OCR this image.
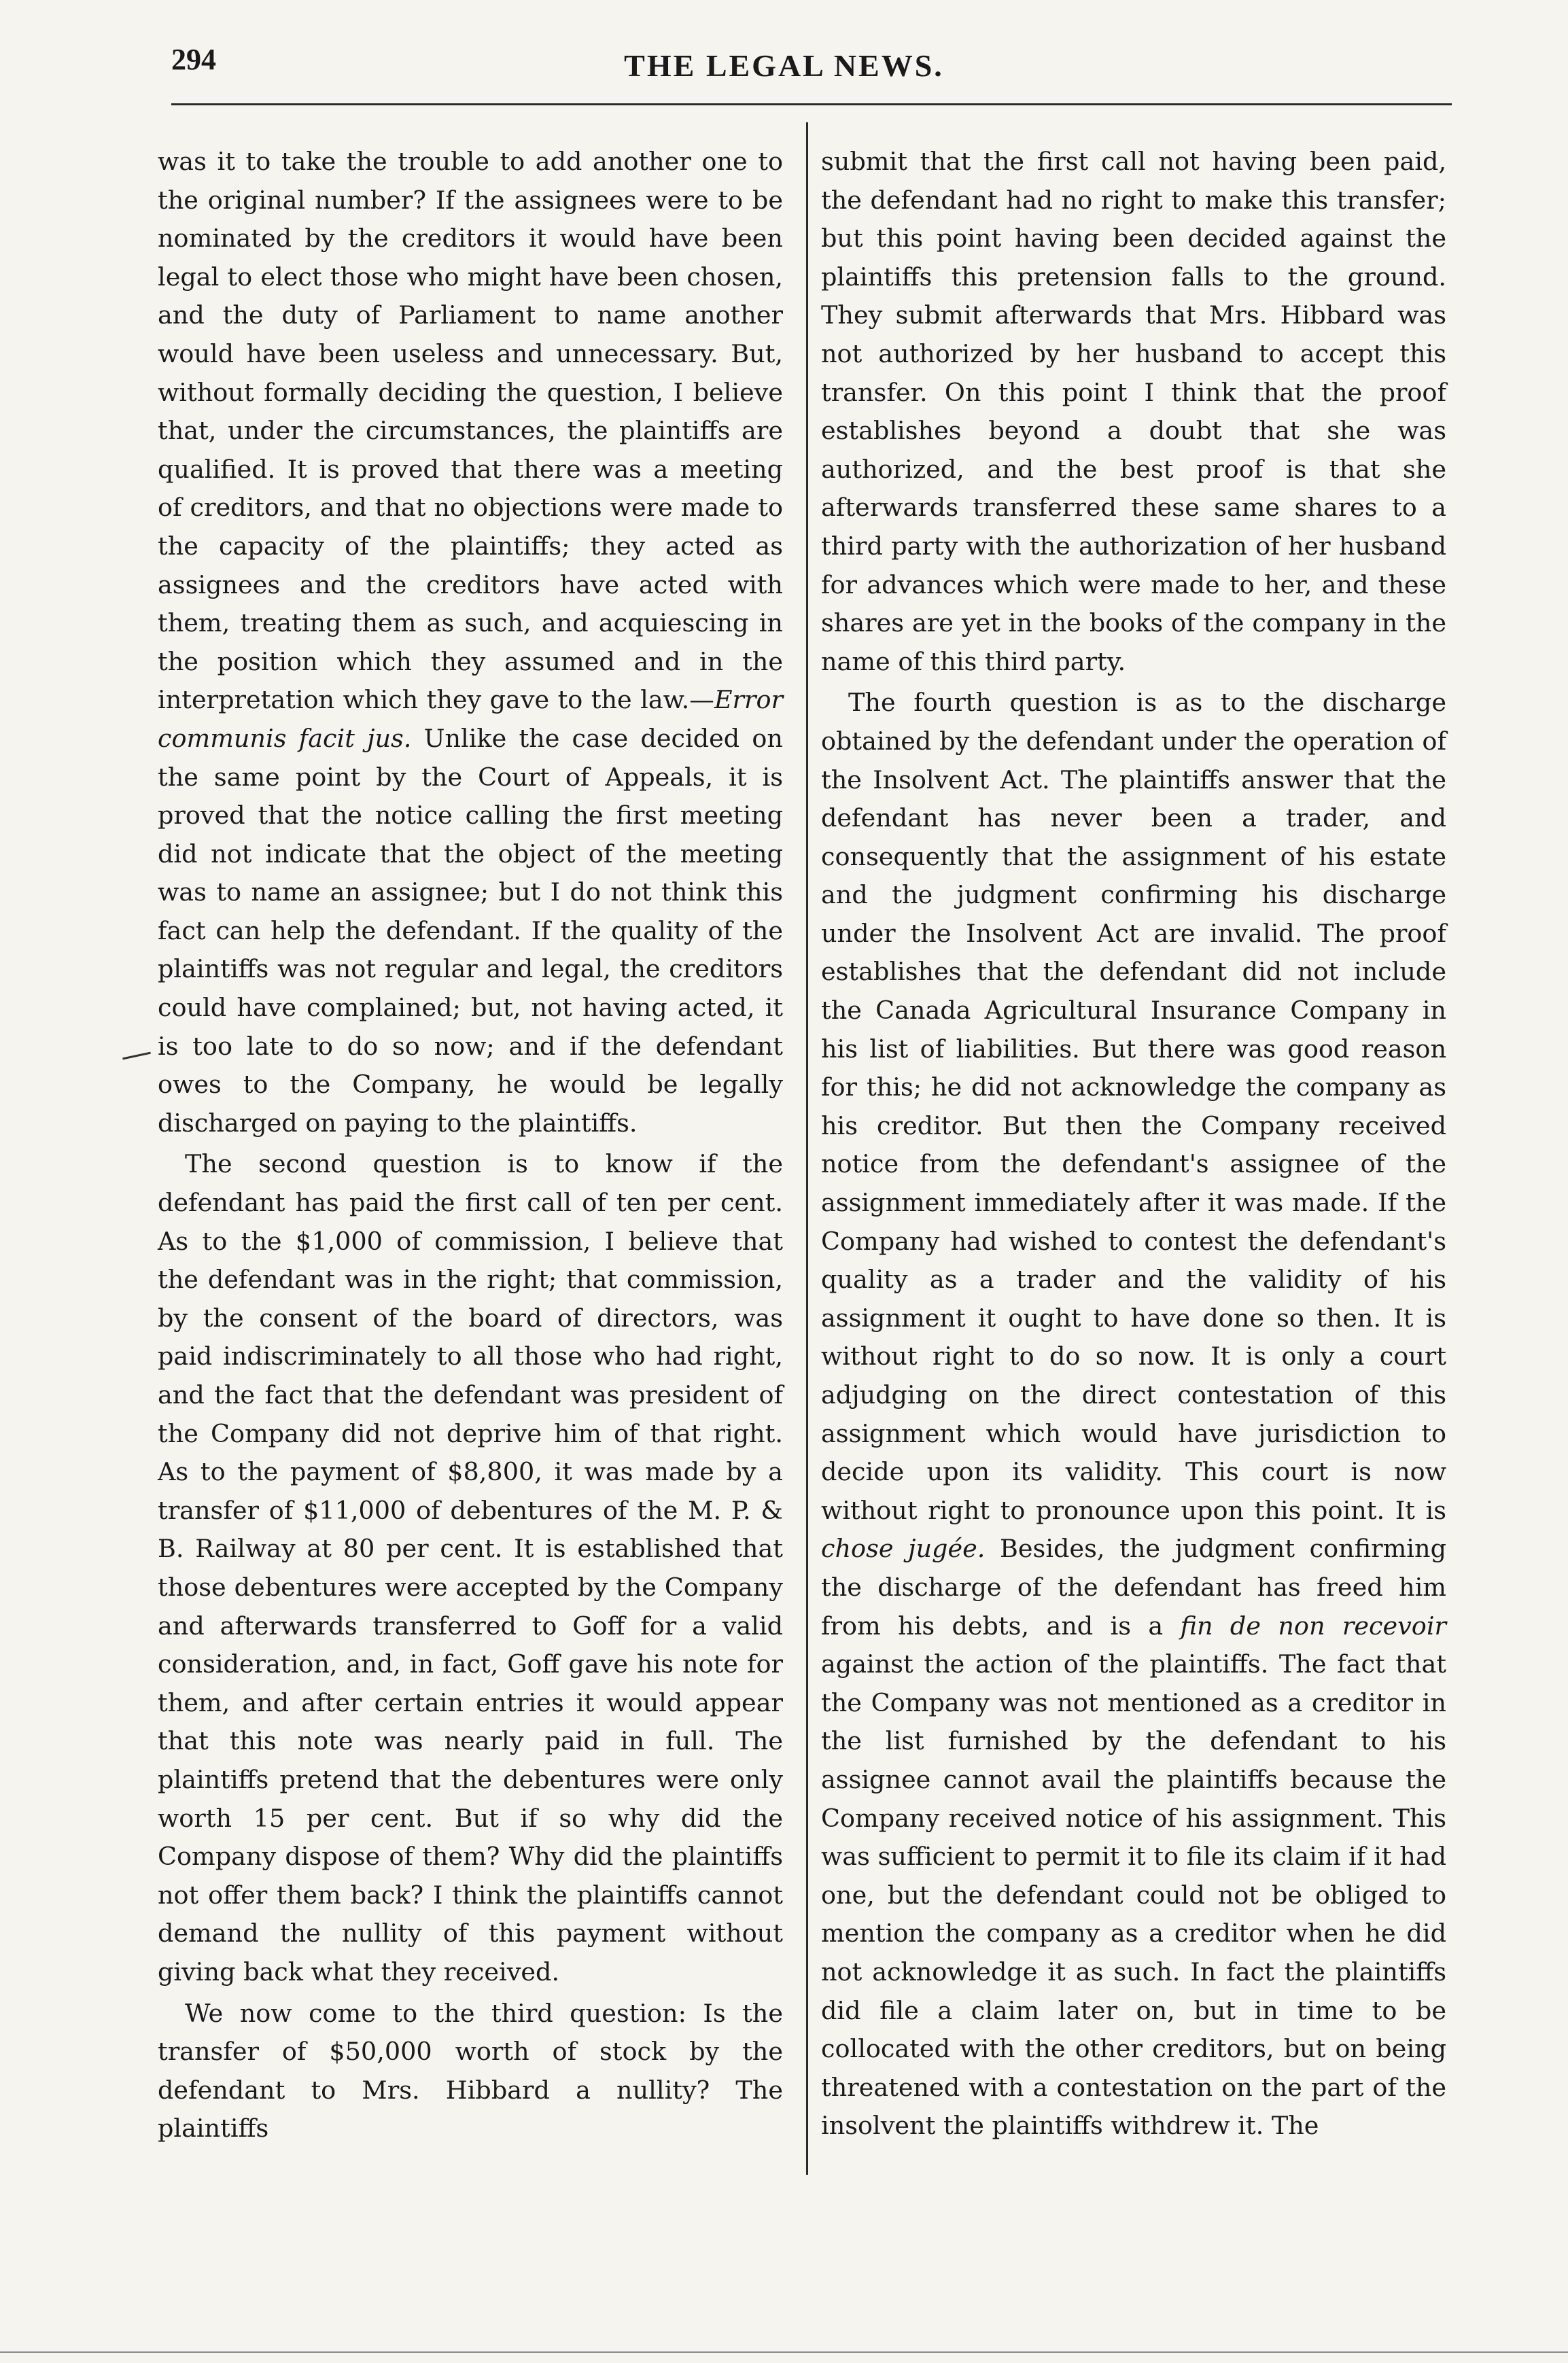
294	THE LEGAL NEWS.

was it to take the trouble to add another one to the original number? If the assignees were to be nominated by the creditors it would have been legal to elect those who might have been chosen, and the duty of Parliament to name another would have been useless and unnecessary. But, without formally deciding the question, I believe that, under the circumstances, the plaintiffs are qualified. It is proved that there was a meeting of creditors, and that no objections were made to the capacity of the plaintiffs; they acted as assignees and the creditors have acted with them, treating them as such, and acquiescing in the position which they assumed and in the interpretation which they gave to the law.—Error communis facit jus. Unlike the case decided on the same point by the Court of Appeals, it is proved that the notice calling the first meeting did not indicate that the object of the meeting was to name an assignee; but I do not think this fact can help the defendant. If the quality of the plaintiffs was not regular and legal, the creditors could have complained; but, not having acted, it is too late to do so now; and if the defendant owes to the Company, he would be legally discharged on paying to the plaintiffs.

The second question is to know if the defendant has paid the first call of ten per cent. As to the $1,000 of commission, I believe that the defendant was in the right; that commission, by the consent of the board of directors, was paid indiscriminately to all those who had right, and the fact that the defendant was president of the Company did not deprive him of that right. As to the payment of $8,800, it was made by a transfer of $11,000 of debentures of the M. P. & B. Railway at 80 per cent. It is established that those debentures were accepted by the Company and afterwards transferred to Goff for a valid consideration, and, in fact, Goff gave his note for them, and after certain entries it would appear that this note was nearly paid in full. The plaintiffs pretend that the debentures were only worth 15 per cent. But if so why did the Company dispose of them? Why did the plaintiffs not offer them back? I think the plaintiffs cannot demand the nullity of this payment without giving back what they received.

We now come to the third question: Is the transfer of $50,000 worth of stock by the defendant to Mrs. Hibbard a nullity? The plaintiffs

submit that the first call not having been paid, the defendant had no right to make this transfer; but this point having been decided against the plaintiffs this pretension falls to the ground. They submit afterwards that Mrs. Hibbard was not authorized by her husband to accept this transfer. On this point I think that the proof establishes beyond a doubt that she was authorized, and the best proof is that she afterwards transferred these same shares to a third party with the authorization of her husband for advances which were made to her, and these shares are yet in the books of the company in the name of this third party.

The fourth question is as to the discharge obtained by the defendant under the operation of the Insolvent Act. The plaintiffs answer that the defendant has never been a trader, and consequently that the assignment of his estate and the judgment confirming his discharge under the Insolvent Act are invalid. The proof establishes that the defendant did not include the Canada Agricultural Insurance Company in his list of liabilities. But there was good reason for this; he did not acknowledge the company as his creditor. But then the Company received notice from the defendant's assignee of the assignment immediately after it was made. If the Company had wished to contest the defendant's quality as a trader and the validity of his assignment it ought to have done so then. It is without right to do so now. It is only a court adjudging on the direct contestation of this assignment which would have jurisdiction to decide upon its validity. This court is now without right to pronounce upon this point. It is chose jugée. Besides, the judgment confirming the discharge of the defendant has freed him from his debts, and is a fin de non recevoir against the action of the plaintiffs. The fact that the Company was not mentioned as a creditor in the list furnished by the defendant to his assignee cannot avail the plaintiffs because the Company received notice of his assignment. This was sufficient to permit it to file its claim if it had one, but the defendant could not be obliged to mention the company as a creditor when he did not acknowledge it as such. In fact the plaintiffs did file a claim later on, but in time to be collocated with the other creditors, but on being threatened with a contestation on the part of the insolvent the plaintiffs withdrew it. The
